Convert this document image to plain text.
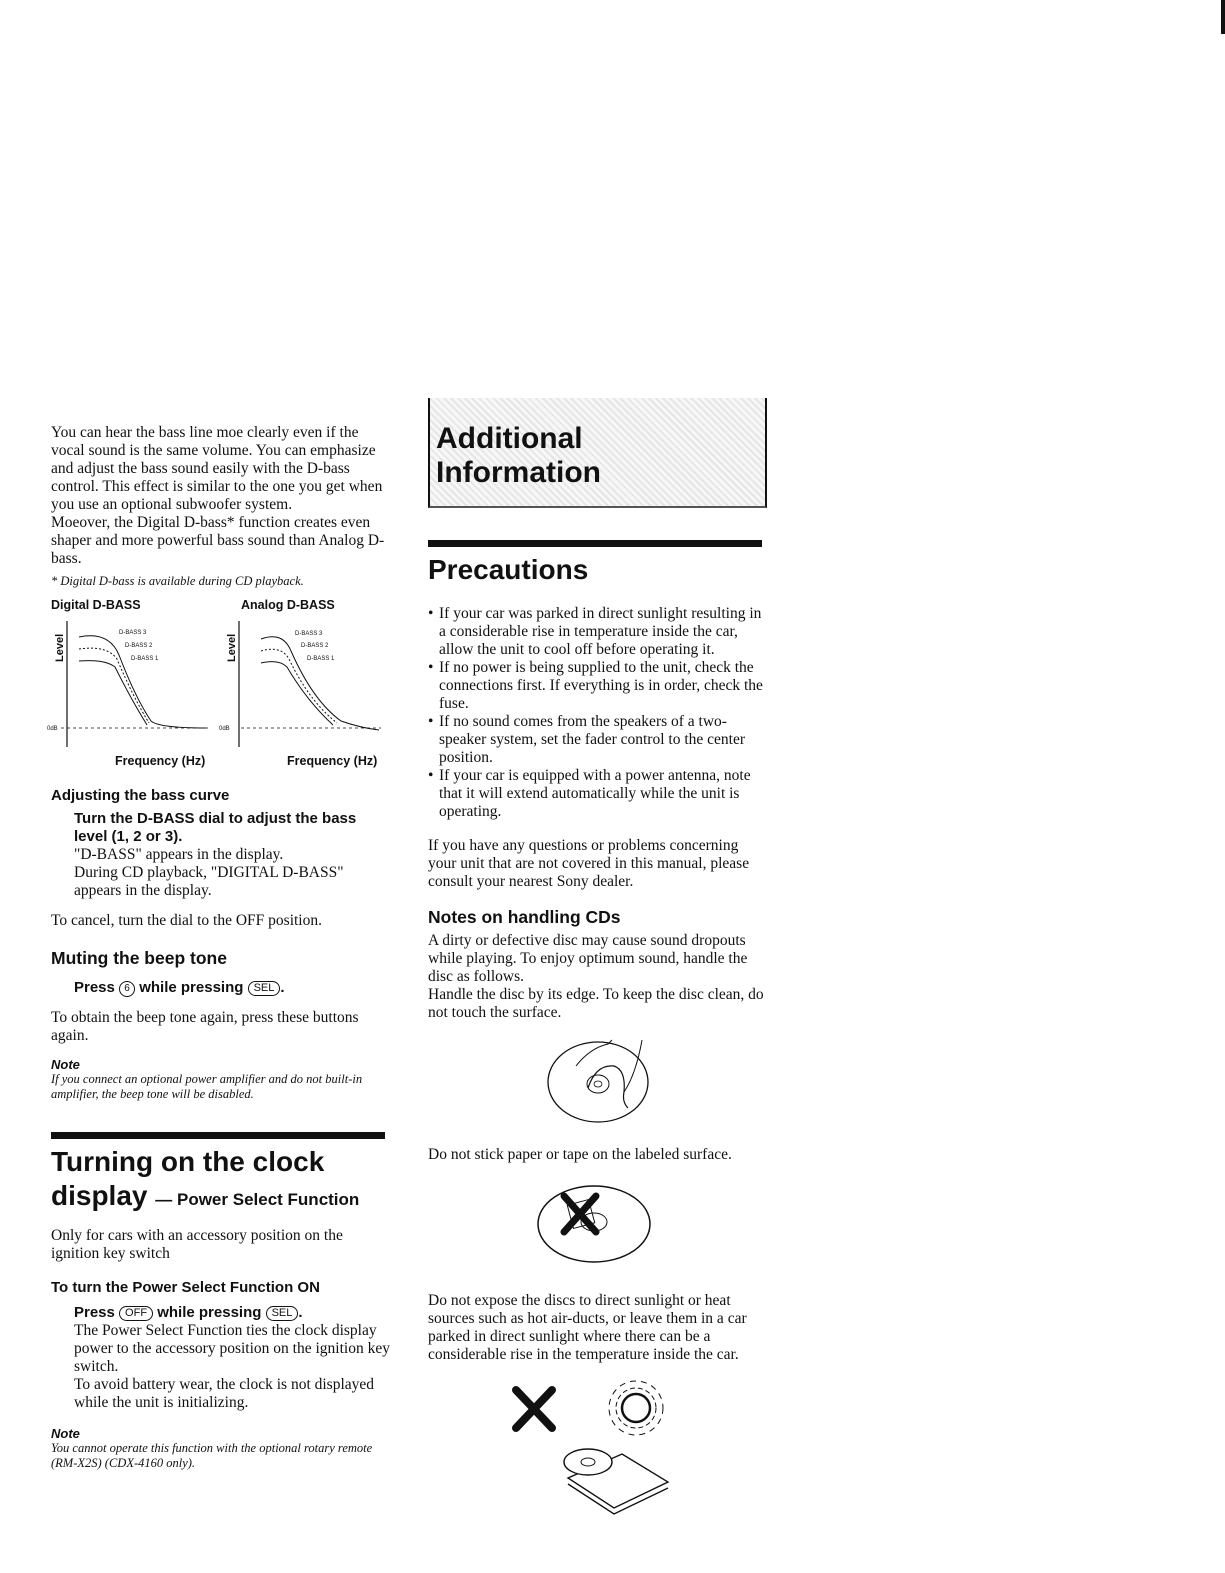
You can hear the bass line moe clearly even if the vocal sound is the same volume. You can emphasize and adjust the bass sound easily with the D-bass control. This effect is similar to the one you get when you use an optional subwoofer system.

Moeover, the Digital D-bass* function creates even shaper and more powerful bass sound than Analog D-bass.

* Digital D-bass is available during CD playback.

Digital D-BASS
Level
0dB
D-BASS 3
D-BASS 2
D-BASS 1
Frequency (Hz)
Analog D-BASS
Level
0dB
D-BASS 3
D-BASS 2
D-BASS 1
Frequency (Hz)

Adjusting the bass curve

Turn the D-BASS dial to adjust the bass level (1, 2 or 3).

"D-BASS" appears in the display.

During CD playback, "DIGITAL D-BASS" appears in the display.

To cancel, turn the dial to the OFF position.

Muting the beep tone

Press 6 while pressing SEL .

To obtain the beep tone again, press these buttons again.

Note

If you connect an optional power amplifier and do not built-in amplifier, the beep tone will be disabled.

Turning on the clock
display — Power Select Function

Only for cars with an accessory position on the ignition key switch

To turn the Power Select Function ON

Press OFF while pressing SEL .

The Power Select Function ties the clock display power to the accessory position on the ignition key switch.

To avoid battery wear, the clock is not displayed while the unit is initializing.

Note

You cannot operate this function with the optional rotary remote (RM-X2S) (CDX-4160 only).

Additional
Information

Precautions

• If your car was parked in direct sunlight resulting in a considerable rise in temperature inside the car, allow the unit to cool off before operating it.
• If no power is being supplied to the unit, check the connections first. If everything is in order, check the fuse.
• If no sound comes from the speakers of a two-speaker system, set the fader control to the center position.
• If your car is equipped with a power antenna, note that it will extend automatically while the unit is operating.

If you have any questions or problems concerning your unit that are not covered in this manual, please consult your nearest Sony dealer.

Notes on handling CDs

A dirty or defective disc may cause sound dropouts while playing. To enjoy optimum sound, handle the disc as follows.

Handle the disc by its edge. To keep the disc clean, do not touch the surface.

Do not stick paper or tape on the labeled surface.

Do not expose the discs to direct sunlight or heat sources such as hot air-ducts, or leave them in a car parked in direct sunlight where there can be a considerable rise in the temperature inside the car.
